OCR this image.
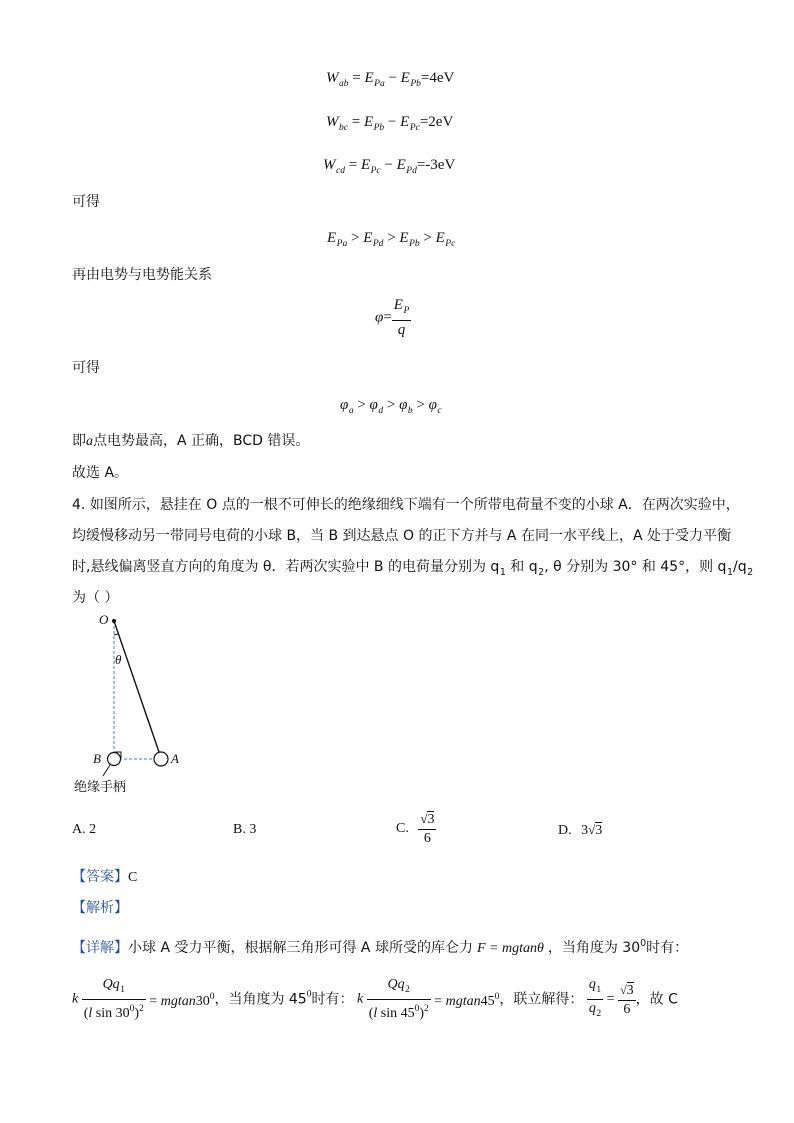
$W_{ab} = E_{Pa} - E_{Pb}=4eV$
$W_{bc} = E_{Pb} - E_{Pc}=2eV$
$W_{cd} = E_{Pc} - E_{Pd}=-3eV$
可得
$E_{Pa} > E_{Pd} > E_{Pb} > E_{Pc}$
再由电势与电势能关系
$\varphi= \frac{E_P}{q}$
可得
$\varphi_a > \varphi_d > \varphi_b > \varphi_c$
即a点电势最高，A 正确，BCD 错误。
故选 A。
4. 如图所示，悬挂在 O 点的一根不可伸长的绝缘细线下端有一个所带电荷量不变的小球 A．在两次实验中，
均缓慢移动另一带同号电荷的小球 B，当 B 到达悬点 O 的正下方并与 A 在同一水平线上，A 处于受力平衡
时,悬线偏离竖直方向的角度为 θ．若两次实验中 B 的电荷量分别为 $q_1$ 和 $q_2$, θ 分别为 30° 和 45°，则 $q_1/q_2$
为（ ）
O
θ
B	A
绝缘手柄
A. 2	B. 3	C. $\frac{√3}{6}$	D. 3√3
【答案】C
【解析】
【详解】小球 A 受力平衡，根据解三角形可得 A 球所受的库仑力 F = mgtanθ ，当角度为 $30^0$时有：
k $\frac{Qq_1}{(l \sin 30^0)^2} = mgtan30^0$，当角度为 $45^0$时有： k $\frac{Qq_2}{(l \sin 45^0)^2} = mgtan45^0$，联立解得： $\frac{q_1}{q_2} = \frac{√3}{6}$ ，故 C
